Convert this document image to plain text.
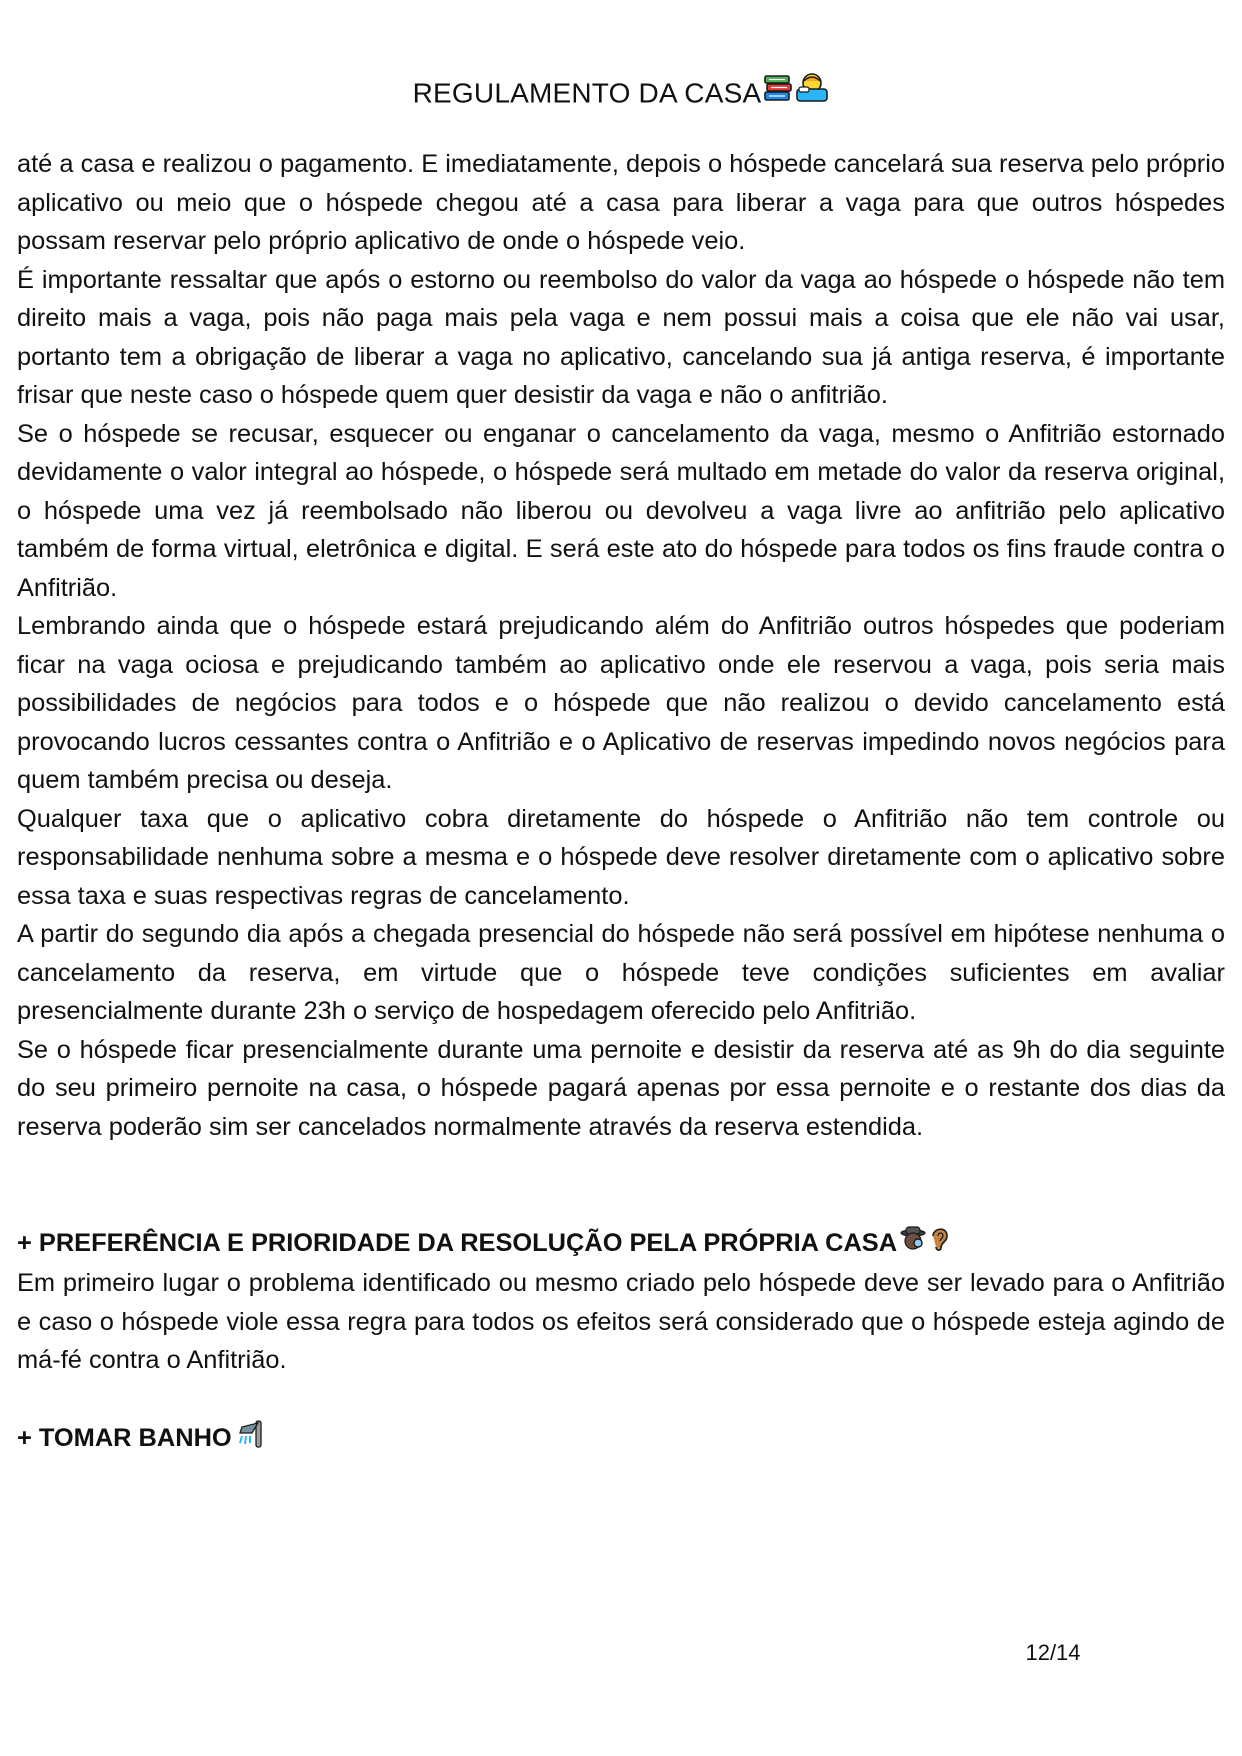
REGULAMENTO DA CASA

até a casa e realizou o pagamento. E imediatamente, depois o hóspede cancelará sua reserva pelo próprio aplicativo ou meio que o hóspede chegou até a casa para liberar a vaga para que outros hóspedes possam reservar pelo próprio aplicativo de onde o hóspede veio.

É importante ressaltar que após o estorno ou reembolso do valor da vaga ao hóspede o hóspede não tem direito mais a vaga, pois não paga mais pela vaga e nem possui mais a coisa que ele não vai usar, portanto tem a obrigação de liberar a vaga no aplicativo, cancelando sua já antiga reserva, é importante frisar que neste caso o hóspede quem quer desistir da vaga e não o anfitrião.

Se o hóspede se recusar, esquecer ou enganar o cancelamento da vaga, mesmo o Anfitrião estornado devidamente o valor integral ao hóspede, o hóspede será multado em metade do valor da reserva original, o hóspede uma vez já reembolsado não liberou ou devolveu a vaga livre ao anfitrião pelo aplicativo também de forma virtual, eletrônica e digital. E será este ato do hóspede para todos os fins fraude contra o Anfitrião.

Lembrando ainda que o hóspede estará prejudicando além do Anfitrião outros hóspedes que poderiam ficar na vaga ociosa e prejudicando também ao aplicativo onde ele reservou a vaga, pois seria mais possibilidades de negócios para todos e o hóspede que não realizou o devido cancelamento está provocando lucros cessantes contra o Anfitrião e o Aplicativo de reservas impedindo novos negócios para quem também precisa ou deseja.

Qualquer taxa que o aplicativo cobra diretamente do hóspede o Anfitrião não tem controle ou responsabilidade nenhuma sobre a mesma e o hóspede deve resolver diretamente com o aplicativo sobre essa taxa e suas respectivas regras de cancelamento.

A partir do segundo dia após a chegada presencial do hóspede não será possível em hipótese nenhuma o cancelamento da reserva, em virtude que o hóspede teve condições suficientes em avaliar presencialmente durante 23h o serviço de hospedagem oferecido pelo Anfitrião.

Se o hóspede ficar presencialmente durante uma pernoite e desistir da reserva até as 9h do dia seguinte do seu primeiro pernoite na casa, o hóspede pagará apenas por essa pernoite e o restante dos dias da reserva poderão sim ser cancelados normalmente através da reserva estendida.

+ PREFERÊNCIA E PRIORIDADE DA RESOLUÇÃO PELA PRÓPRIA CASA

Em primeiro lugar o problema identificado ou mesmo criado pelo hóspede deve ser levado para o Anfitrião e caso o hóspede viole essa regra para todos os efeitos será considerado que o hóspede esteja agindo de má-fé contra o Anfitrião.

+ TOMAR BANHO
12/14
